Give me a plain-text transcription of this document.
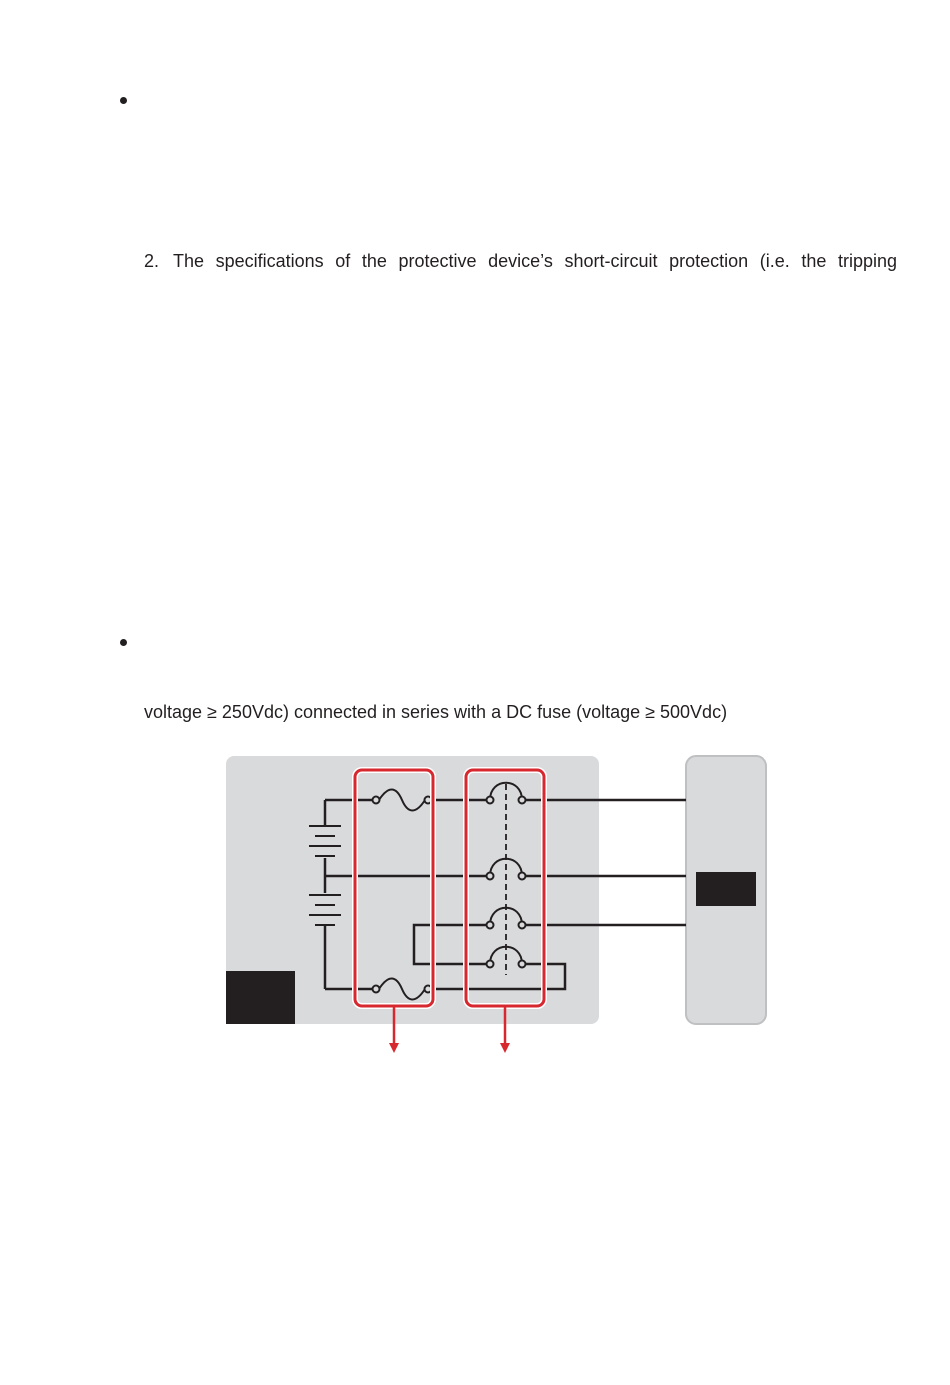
2. The specifications of the protective device’s short-circuit protection (i.e. the tripping
voltage ≥ 250Vdc) connected in series with a DC fuse (voltage ≥ 500Vdc)
